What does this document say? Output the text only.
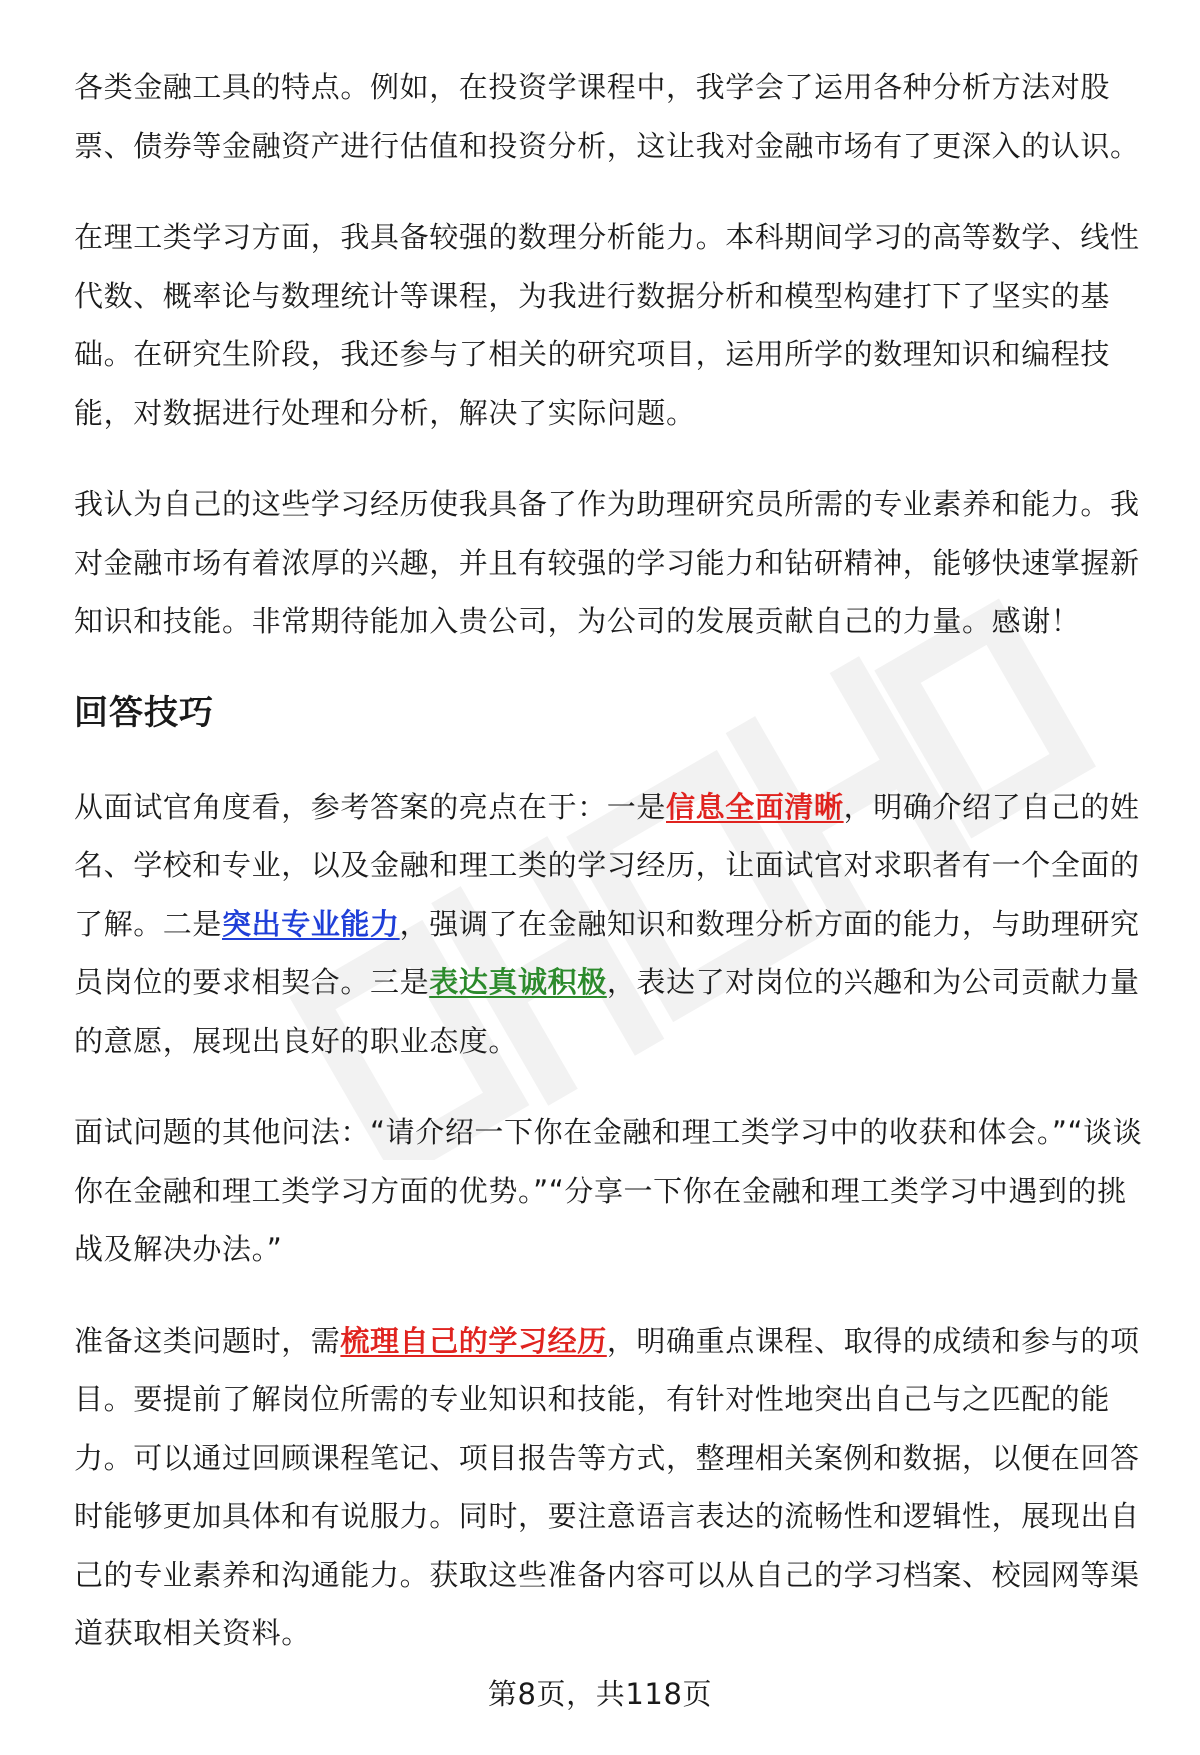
各类金融工具的特点。例如，在投资学课程中，我学会了运用各种分析方法对股票、债券等金融资产进行估值和投资分析，这让我对金融市场有了更深入的认识。

在理工类学习方面，我具备较强的数理分析能力。本科期间学习的高等数学、线性代数、概率论与数理统计等课程，为我进行数据分析和模型构建打下了坚实的基础。在研究生阶段，我还参与了相关的研究项目，运用所学的数理知识和编程技能，对数据进行处理和分析，解决了实际问题。

我认为自己的这些学习经历使我具备了作为助理研究员所需的专业素养和能力。我对金融市场有着浓厚的兴趣，并且有较强的学习能力和钻研精神，能够快速掌握新知识和技能。非常期待能加入贵公司，为公司的发展贡献自己的力量。感谢！

回答技巧

从面试官角度看，参考答案的亮点在于：一是信息全面清晰，明确介绍了自己的姓名、学校和专业，以及金融和理工类的学习经历，让面试官对求职者有一个全面的了解。二是突出专业能力，强调了在金融知识和数理分析方面的能力，与助理研究员岗位的要求相契合。三是表达真诚积极，表达了对岗位的兴趣和为公司贡献力量的意愿，展现出良好的职业态度。

面试问题的其他问法：“请介绍一下你在金融和理工类学习中的收获和体会。”“谈谈你在金融和理工类学习方面的优势。”“分享一下你在金融和理工类学习中遇到的挑战及解决办法。”

准备这类问题时，需梳理自己的学习经历，明确重点课程、取得的成绩和参与的项目。要提前了解岗位所需的专业知识和技能，有针对性地突出自己与之匹配的能力。可以通过回顾课程笔记、项目报告等方式，整理相关案例和数据，以便在回答时能够更加具体和有说服力。同时，要注意语言表达的流畅性和逻辑性，展现出自己的专业素养和沟通能力。获取这些准备内容可以从自己的学习档案、校园网等渠道获取相关资料。

第8页，共118页
